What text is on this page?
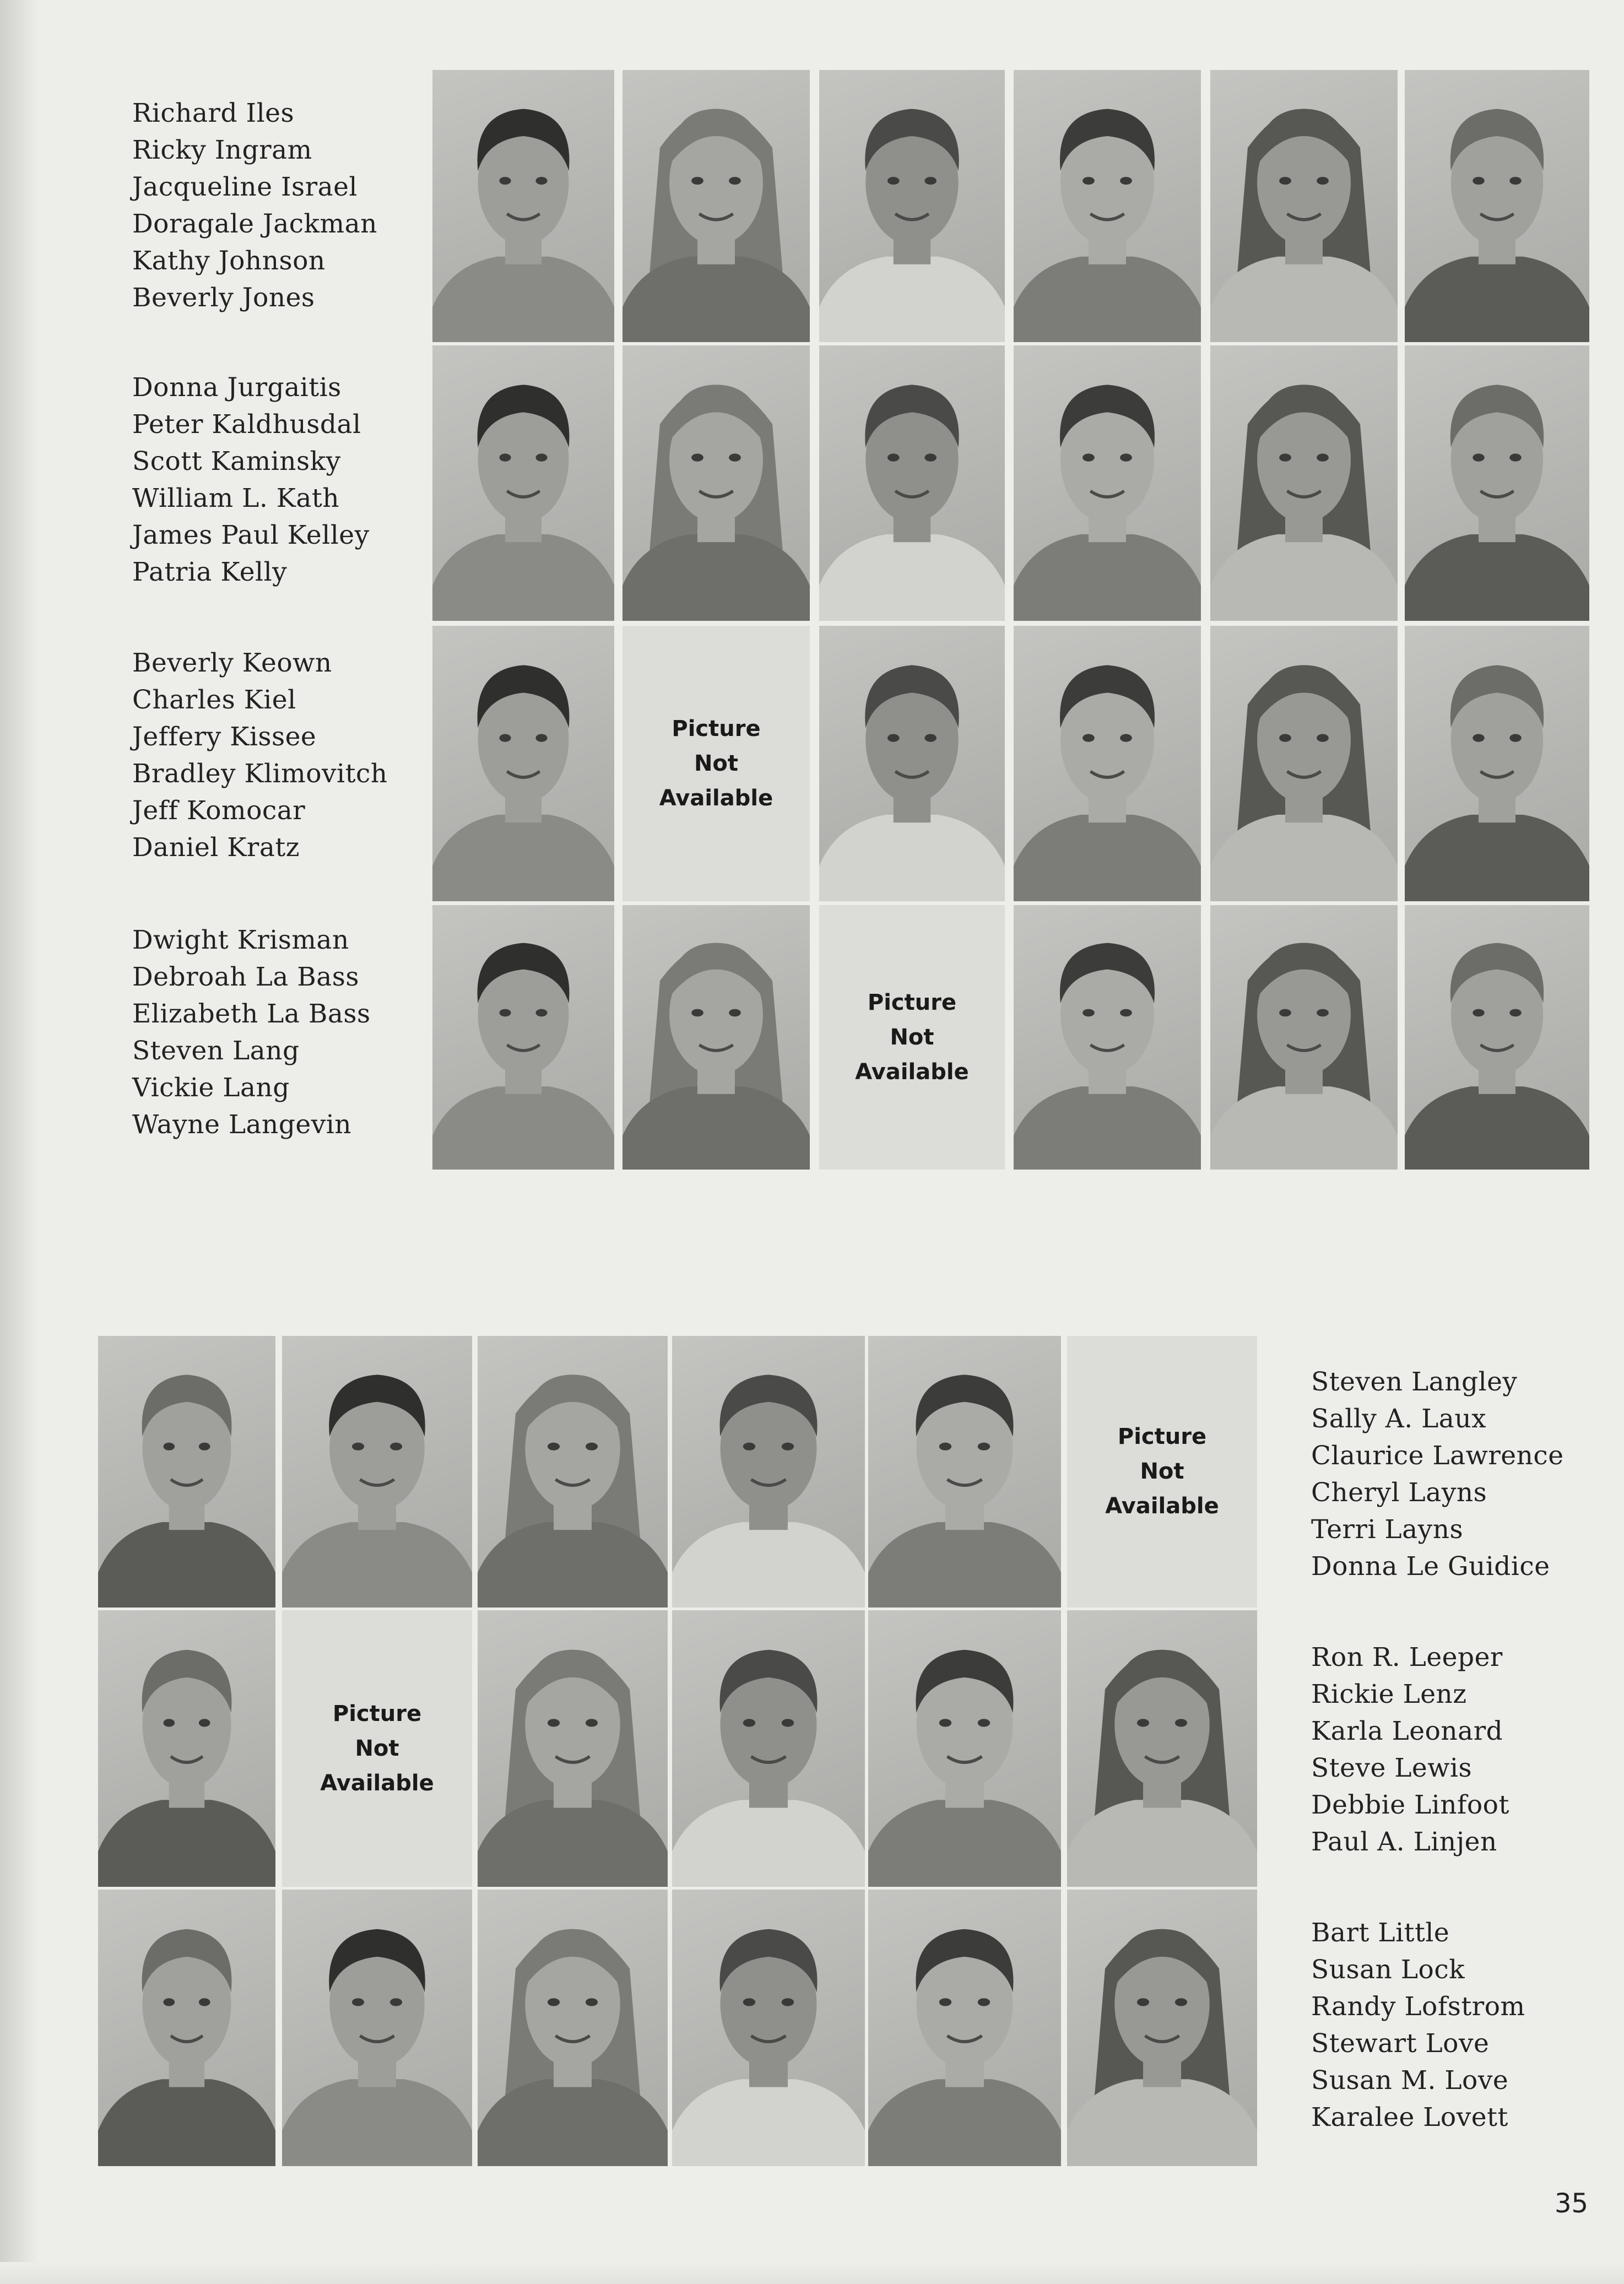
Richard Iles
Ricky Ingram
Jacqueline Israel
Doragale Jackman
Kathy Johnson
Beverly Jones
Donna Jurgaitis
Peter Kaldhusdal
Scott Kaminsky
William L. Kath
James Paul Kelley
Patria Kelly
Beverly Keown
Charles Kiel
Jeffery Kissee
Bradley Klimovitch
Jeff Komocar
Daniel Kratz
Picture
Not
Available
Dwight Krisman
Debroah La Bass
Elizabeth La Bass
Steven Lang
Vickie Lang
Wayne Langevin
Picture
Not
Available
Steven Langley
Sally A. Laux
Claurice Lawrence
Cheryl Layns
Terri Layns
Donna Le Guidice
Picture
Not
Available
Ron R. Leeper
Rickie Lenz
Karla Leonard
Steve Lewis
Debbie Linfoot
Paul A. Linjen
Picture
Not
Available
Bart Little
Susan Lock
Randy Lofstrom
Stewart Love
Susan M. Love
Karalee Lovett
35
